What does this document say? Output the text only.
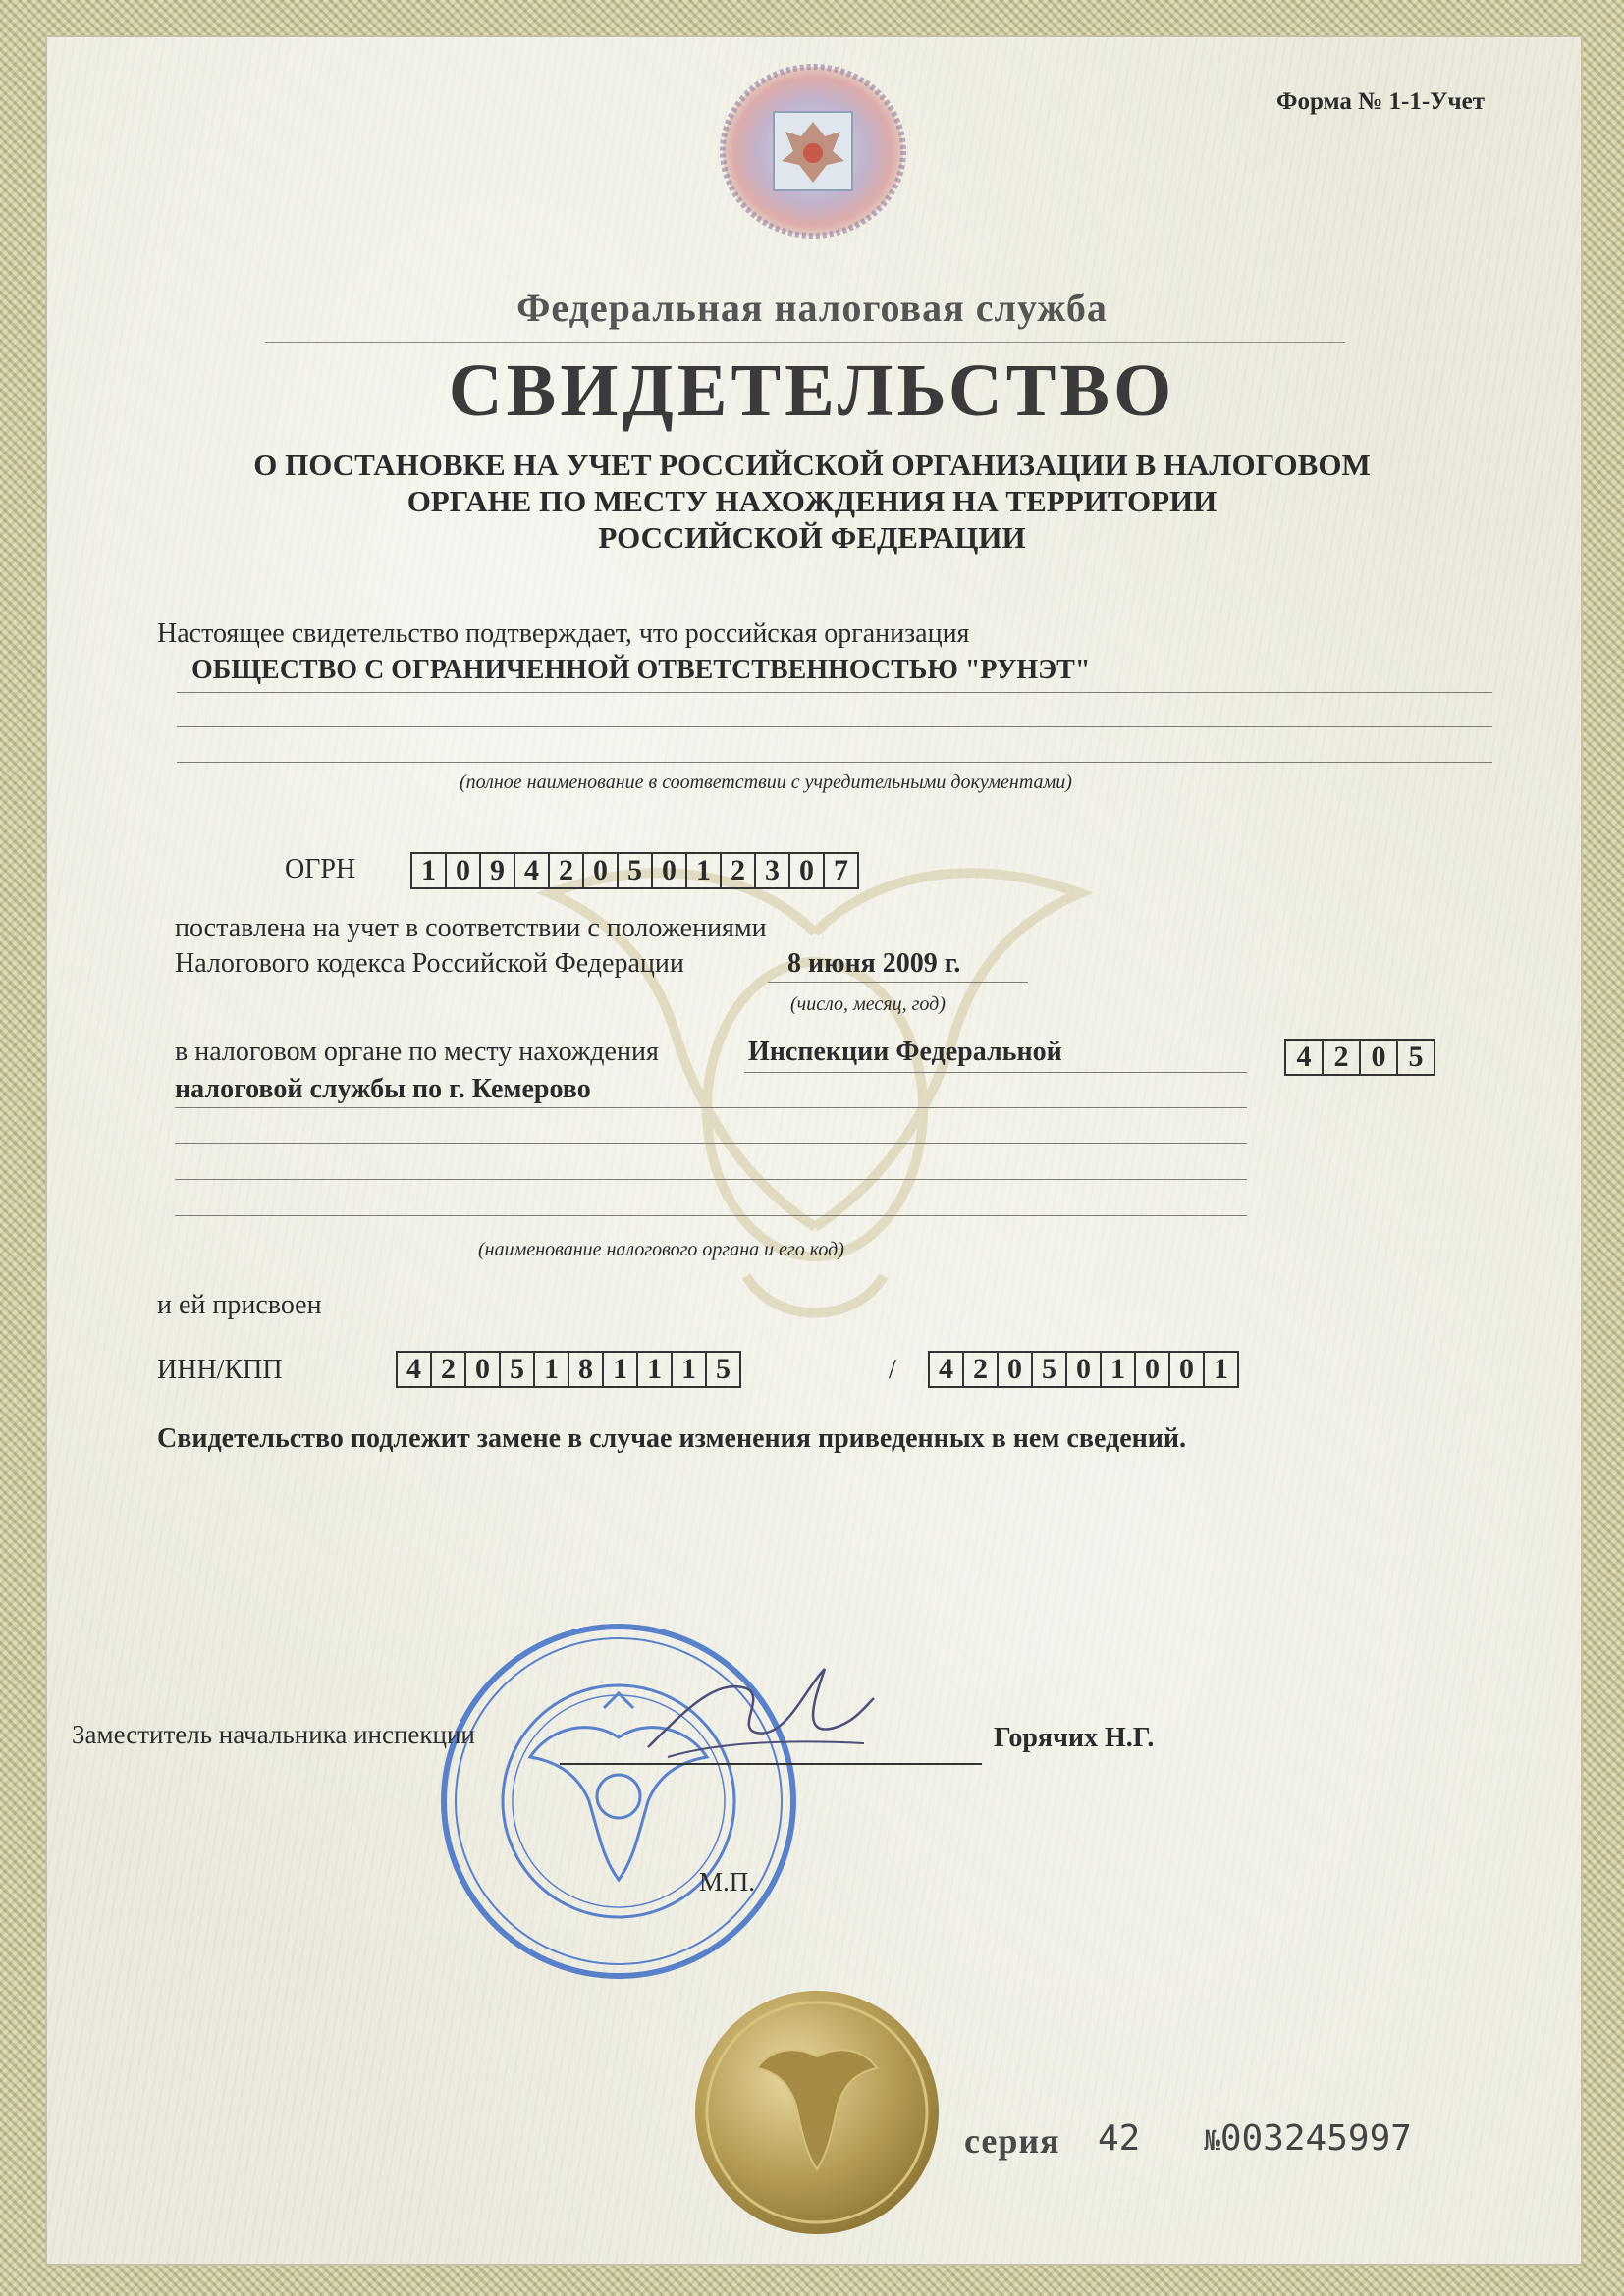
Форма № 1-1-Учет
Федеральная налоговая служба
СВИДЕТЕЛЬСТВО
О ПОСТАНОВКЕ НА УЧЕТ РОССИЙСКОЙ ОРГАНИЗАЦИИ В НАЛОГОВОМ
ОРГАНЕ ПО МЕСТУ НАХОЖДЕНИЯ НА ТЕРРИТОРИИ
РОССИЙСКОЙ ФЕДЕРАЦИИ
Настоящее свидетельство подтверждает, что российская организация
ОБЩЕСТВО С ОГРАНИЧЕННОЙ ОТВЕТСТВЕННОСТЬЮ "РУНЭТ"
(полное наименование в соответствии с учредительными документами)
ОГРН	1 0 9 4 2 0 5 0 1 2 3 0 7
поставлена на учет в соответствии с положениями
Налогового кодекса Российской Федерации	8 июня 2009 г.
(число, месяц, год)
в налоговом органе по месту нахождения	Инспекции Федеральной
налоговой службы по г. Кемерово
4 2 0 5
(наименование налогового органа и его код)
и ей присвоен
ИНН/КПП	4 2 0 5 1 8 1 1 1 5	/	4 2 0 5 0 1 0 0 1
Свидетельство подлежит замене в случае изменения приведенных в нем сведений.
Заместитель начальника инспекции	Горячих Н.Г.
М.П.
серия 42 №003245997
